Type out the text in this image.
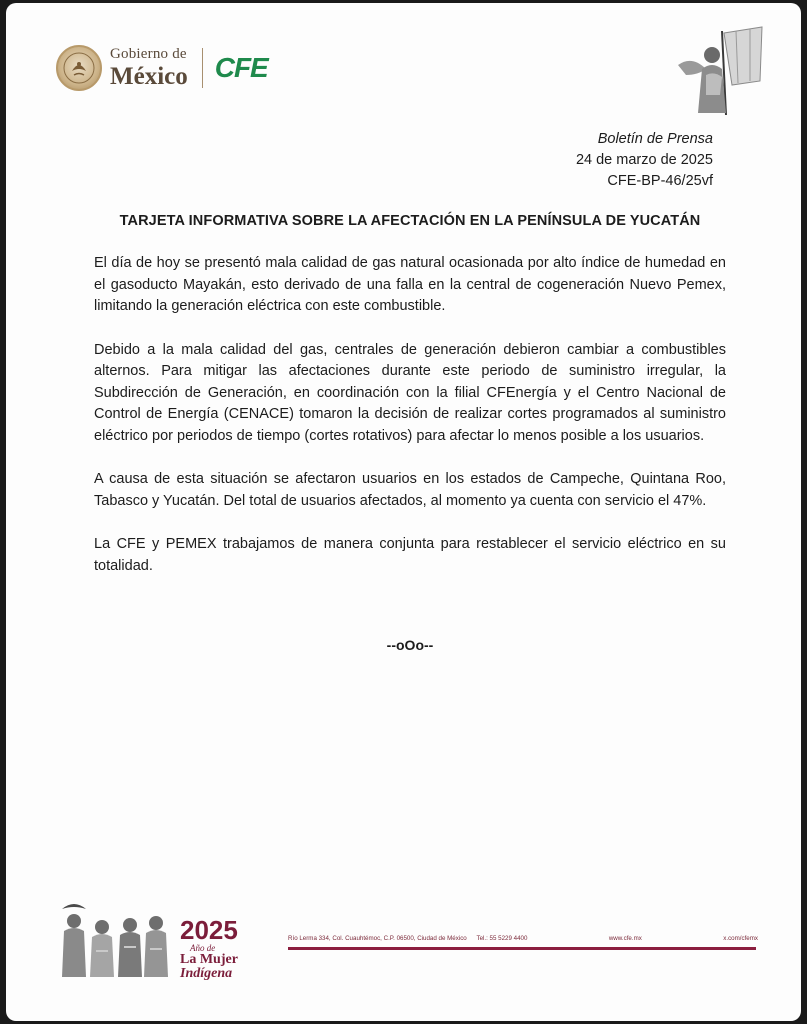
Gobierno de
México CFE
Boletín de Prensa
24 de marzo de 2025
CFE-BP-46/25vf
TARJETA INFORMATIVA SOBRE LA AFECTACIÓN EN LA PENÍNSULA DE YUCATÁN

El día de hoy se presentó mala calidad de gas natural ocasionada por alto índice de humedad en el gasoducto Mayakán, esto derivado de una falla en la central de cogeneración Nuevo Pemex, limitando la generación eléctrica con este combustible.

Debido a la mala calidad del gas, centrales de generación debieron cambiar a combustibles alternos. Para mitigar las afectaciones durante este periodo de suministro irregular, la Subdirección de Generación, en coordinación con la filial CFEnergía y el Centro Nacional de Control de Energía (CENACE) tomaron la decisión de realizar cortes programados al suministro eléctrico por periodos de tiempo (cortes rotativos) para afectar lo menos posible a los usuarios.

A causa de esta situación se afectaron usuarios en los estados de Campeche, Quintana Roo, Tabasco y Yucatán. Del total de usuarios afectados, al momento ya cuenta con servicio el 47%.

La CFE y PEMEX trabajamos de manera conjunta para restablecer el servicio eléctrico en su totalidad.

--oOo--
2025
Año de
La Mujer
Indígena
Río Lerma 334, Col. Cuauhtémoc, C.P. 06500, Ciudad de México Tel.: 55 5229 4400	www.cfe.mx	x.com/cfemx
